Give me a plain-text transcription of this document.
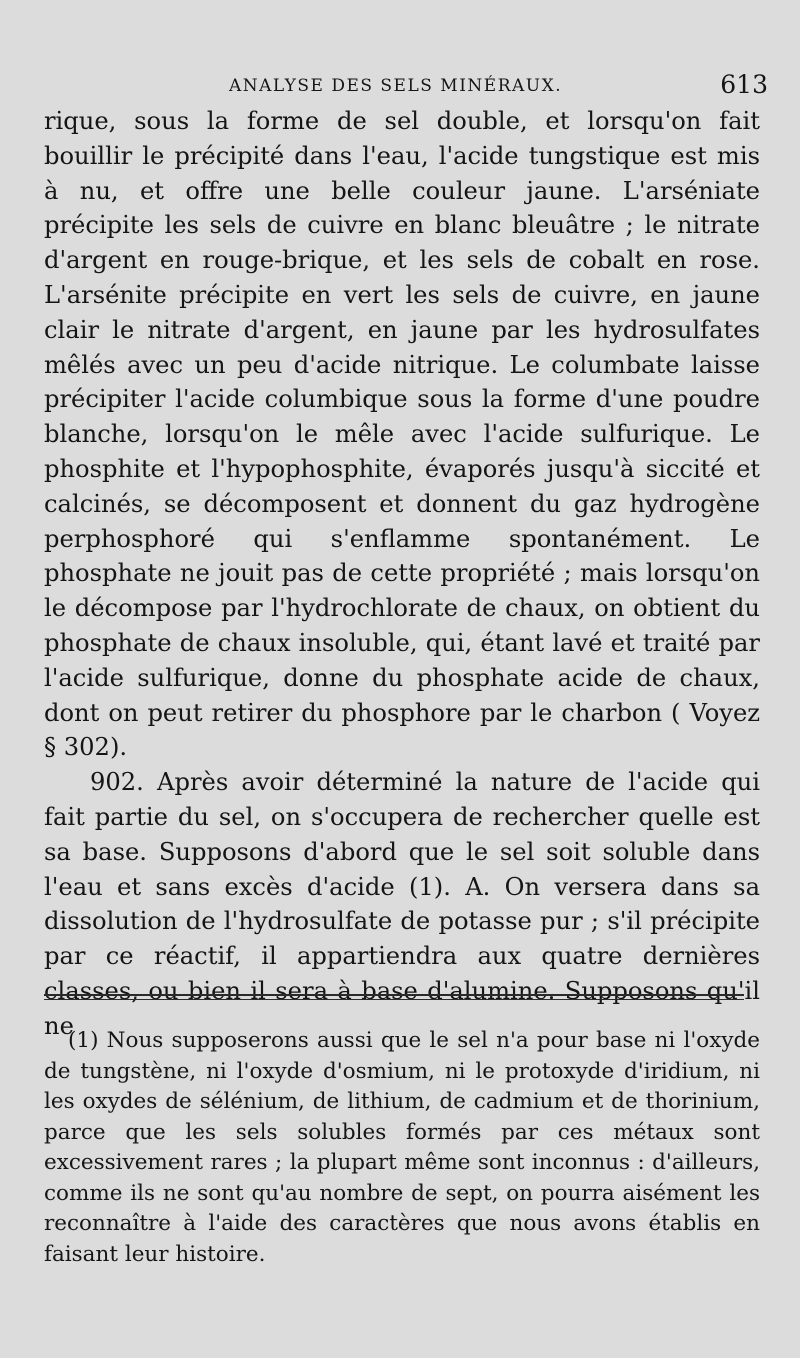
ANALYSE DES SELS MINÉRAUX.	613

rique, sous la forme de sel double, et lorsqu'on fait bouillir le précipité dans l'eau, l'acide tungstique est mis à nu, et offre une belle couleur jaune. L'arséniate précipite les sels de cuivre en blanc bleuâtre ; le nitrate d'argent en rouge-brique, et les sels de cobalt en rose. L'arsénite précipite en vert les sels de cuivre, en jaune clair le nitrate d'argent, en jaune par les hydrosulfates mêlés avec un peu d'acide nitrique. Le columbate laisse précipiter l'acide columbique sous la forme d'une poudre blanche, lorsqu'on le mêle avec l'acide sulfurique. Le phosphite et l'hypophosphite, évaporés jusqu'à siccité et calcinés, se décomposent et donnent du gaz hydrogène perphosphoré qui s'enflamme spontanément. Le phosphate ne jouit pas de cette propriété ; mais lorsqu'on le décompose par l'hydrochlorate de chaux, on obtient du phosphate de chaux insoluble, qui, étant lavé et traité par l'acide sulfurique, donne du phosphate acide de chaux, dont on peut retirer du phosphore par le charbon ( Voyez § 302).

902. Après avoir déterminé la nature de l'acide qui fait partie du sel, on s'occupera de rechercher quelle est sa base. Supposons d'abord que le sel soit soluble dans l'eau et sans excès d'acide (1). A. On versera dans sa dissolution de l'hydrosulfate de potasse pur ; s'il précipite par ce réactif, il appartiendra aux quatre dernières classes, ou bien il sera à base d'alumine. Supposons qu'il ne

(1) Nous supposerons aussi que le sel n'a pour base ni l'oxyde de tungstène, ni l'oxyde d'osmium, ni le protoxyde d'iridium, ni les oxydes de sélénium, de lithium, de cadmium et de thorinium, parce que les sels solubles formés par ces métaux sont excessivement rares ; la plupart même sont inconnus : d'ailleurs, comme ils ne sont qu'au nombre de sept, on pourra aisément les reconnaître à l'aide des caractères que nous avons établis en faisant leur histoire.
